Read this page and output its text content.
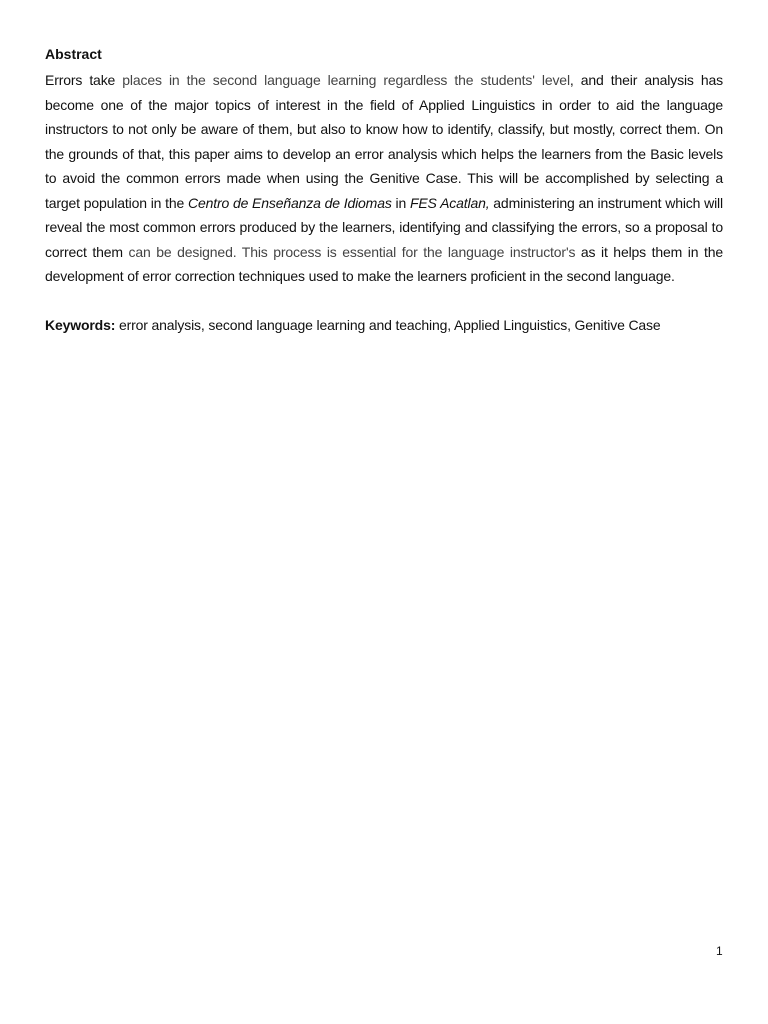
Abstract

Errors take places in the second language learning regardless the students' level, and their analysis has become one of the major topics of interest in the field of Applied Linguistics in order to aid the language instructors to not only be aware of them, but also to know how to identify, classify, but mostly, correct them. On the grounds of that, this paper aims to develop an error analysis which helps the learners from the Basic levels to avoid the common errors made when using the Genitive Case. This will be accomplished by selecting a target population in the Centro de Enseñanza de Idiomas in FES Acatlan, administering an instrument which will reveal the most common errors produced by the learners, identifying and classifying the errors, so a proposal to correct them can be designed. This process is essential for the language instructor's as it helps them in the development of error correction techniques used to make the learners proficient in the second language.

Keywords: error analysis, second language learning and teaching, Applied Linguistics, Genitive Case
1
